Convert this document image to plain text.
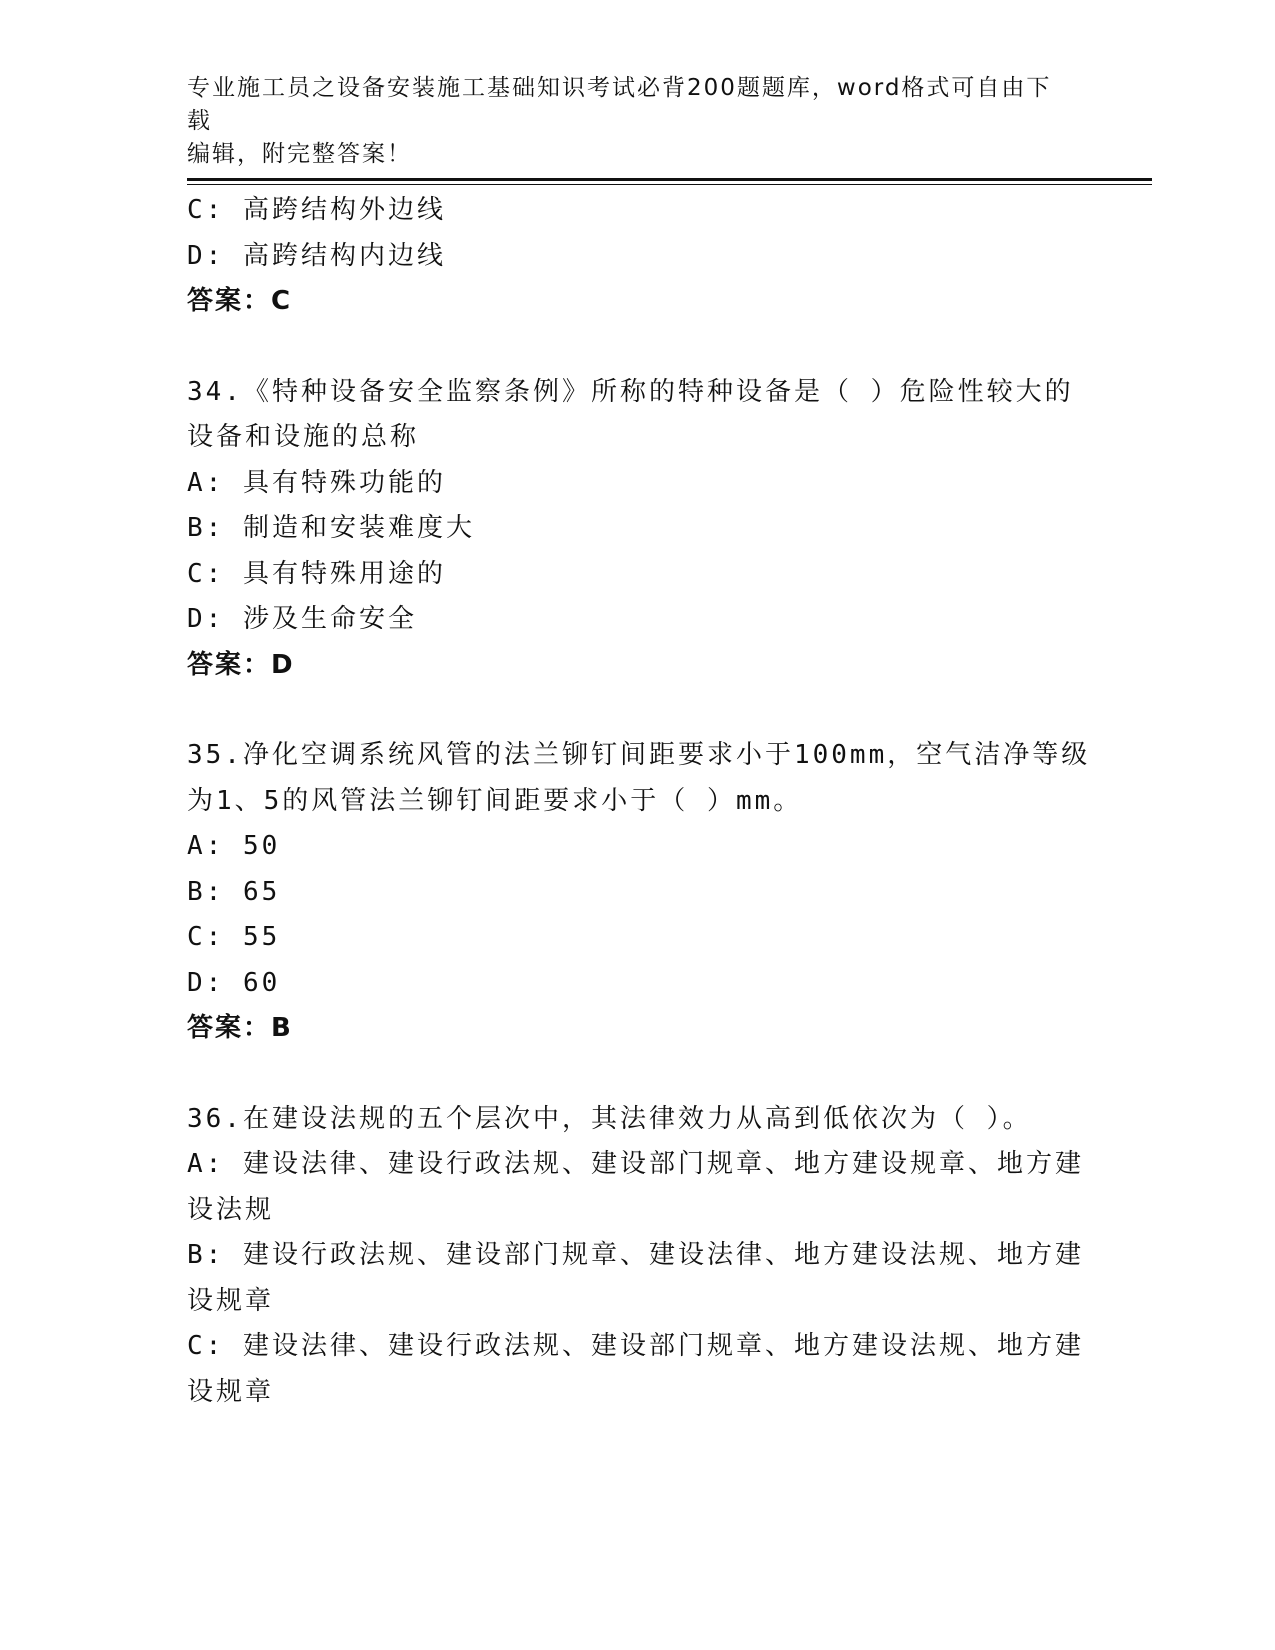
专业施工员之设备安装施工基础知识考试必背200题题库，word格式可自由下载
编辑，附完整答案！
C: 高跨结构外边线
D: 高跨结构内边线
答案：C
34.《特种设备安全监察条例》所称的特种设备是（ ）危险性较大的
设备和设施的总称
A: 具有特殊功能的
B: 制造和安装难度大
C: 具有特殊用途的
D: 涉及生命安全
答案：D
35.净化空调系统风管的法兰铆钉间距要求小于100mm，空气洁净等级
为1、5的风管法兰铆钉间距要求小于（ ）mm。
A: 50
B: 65
C: 55
D: 60
答案：B
36.在建设法规的五个层次中，其法律效力从高到低依次为（ ）。
A: 建设法律、建设行政法规、建设部门规章、地方建设规章、地方建
设法规
B: 建设行政法规、建设部门规章、建设法律、地方建设法规、地方建
设规章
C: 建设法律、建设行政法规、建设部门规章、地方建设法规、地方建
设规章
